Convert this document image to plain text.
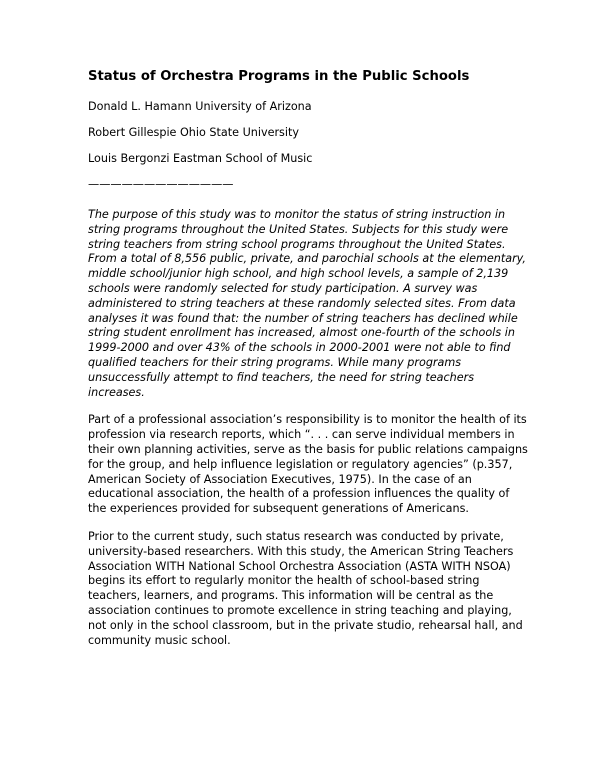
Status of Orchestra Programs in the Public Schools

Donald L. Hamann University of Arizona

Robert Gillespie Ohio State University

Louis Bergonzi Eastman School of Music

—————————————

The purpose of this study was to monitor the status of string instruction in string programs throughout the United States. Subjects for this study were string teachers from string school programs throughout the United States. From a total of 8,556 public, private, and parochial schools at the elementary, middle school/junior high school, and high school levels, a sample of 2,139 schools were randomly selected for study participation. A survey was administered to string teachers at these randomly selected sites. From data analyses it was found that: the number of string teachers has declined while string student enrollment has increased, almost one-fourth of the schools in 1999-2000 and over 43% of the schools in 2000-2001 were not able to find qualified teachers for their string programs. While many programs unsuccessfully attempt to find teachers, the need for string teachers increases.

Part of a professional association’s responsibility is to monitor the health of its profession via research reports, which “. . . can serve individual members in their own planning activities, serve as the basis for public relations campaigns for the group, and help influence legislation or regulatory agencies” (p.357, American Society of Association Executives, 1975). In the case of an educational association, the health of a profession influences the quality of the experiences provided for subsequent generations of Americans.

Prior to the current study, such status research was conducted by private, university-based researchers. With this study, the American String Teachers Association WITH National School Orchestra Association (ASTA WITH NSOA) begins its effort to regularly monitor the health of school-based string teachers, learners, and programs. This information will be central as the association continues to promote excellence in string teaching and playing, not only in the school classroom, but in the private studio, rehearsal hall, and community music school.
